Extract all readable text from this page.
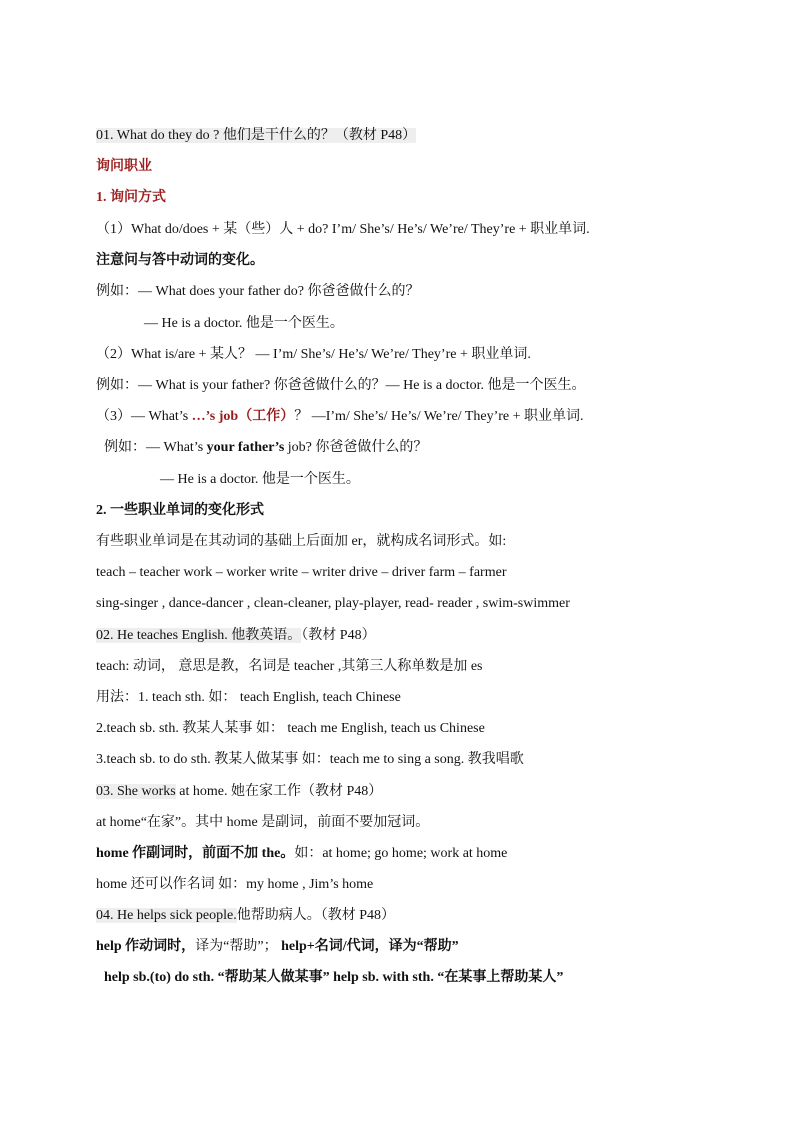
01. What do they do ? 他们是干什么的？（教材 P48）
询问职业
1. 询问方式
（1）What do/does + 某（些）人 + do? I’m/ She’s/ He’s/ We’re/ They’re + 职业单词.
注意问与答中动词的变化。
例如：— What does your father do? 你爸爸做什么的？
— He is a doctor. 他是一个医生。
（2）What is/are + 某人？ — I’m/ She’s/ He’s/ We’re/ They’re + 职业单词.
例如：— What is your father? 你爸爸做什么的？— He is a doctor. 他是一个医生。
（3）— What’s …’s job（工作）？ —I’m/ She’s/ He’s/ We’re/ They’re + 职业单词.
例如：— What’s your father’s job? 你爸爸做什么的？
— He is a doctor. 他是一个医生。
2. 一些职业单词的变化形式
有些职业单词是在其动词的基础上后面加 er，就构成名词形式。如:
teach – teacher work – worker write – writer drive – driver farm – farmer
sing-singer , dance-dancer , clean-cleaner, play-player, read- reader , swim-swimmer
02. He teaches English. 他教英语。（教材 P48）
teach: 动词， 意思是教，名词是 teacher ,其第三人称单数是加 es
用法：1. teach sth. 如： teach English, teach Chinese
2.teach sb. sth. 教某人某事 如： teach me English, teach us Chinese
3.teach sb. to do sth. 教某人做某事 如：teach me to sing a song. 教我唱歌
03. She works at home. 她在家工作（教材 P48）
at home“在家”。其中 home 是副词，前面不要加冠词。
home 作副词时，前面不加 the。如：at home; go home; work at home
home 还可以作名词 如：my home , Jim’s home
04. He helps sick people.他帮助病人。（教材 P48）
help 作动词时，译为“帮助”； help+名词/代词，译为“帮助”
help sb.(to) do sth. “帮助某人做某事” help sb. with sth. “在某事上帮助某人”
